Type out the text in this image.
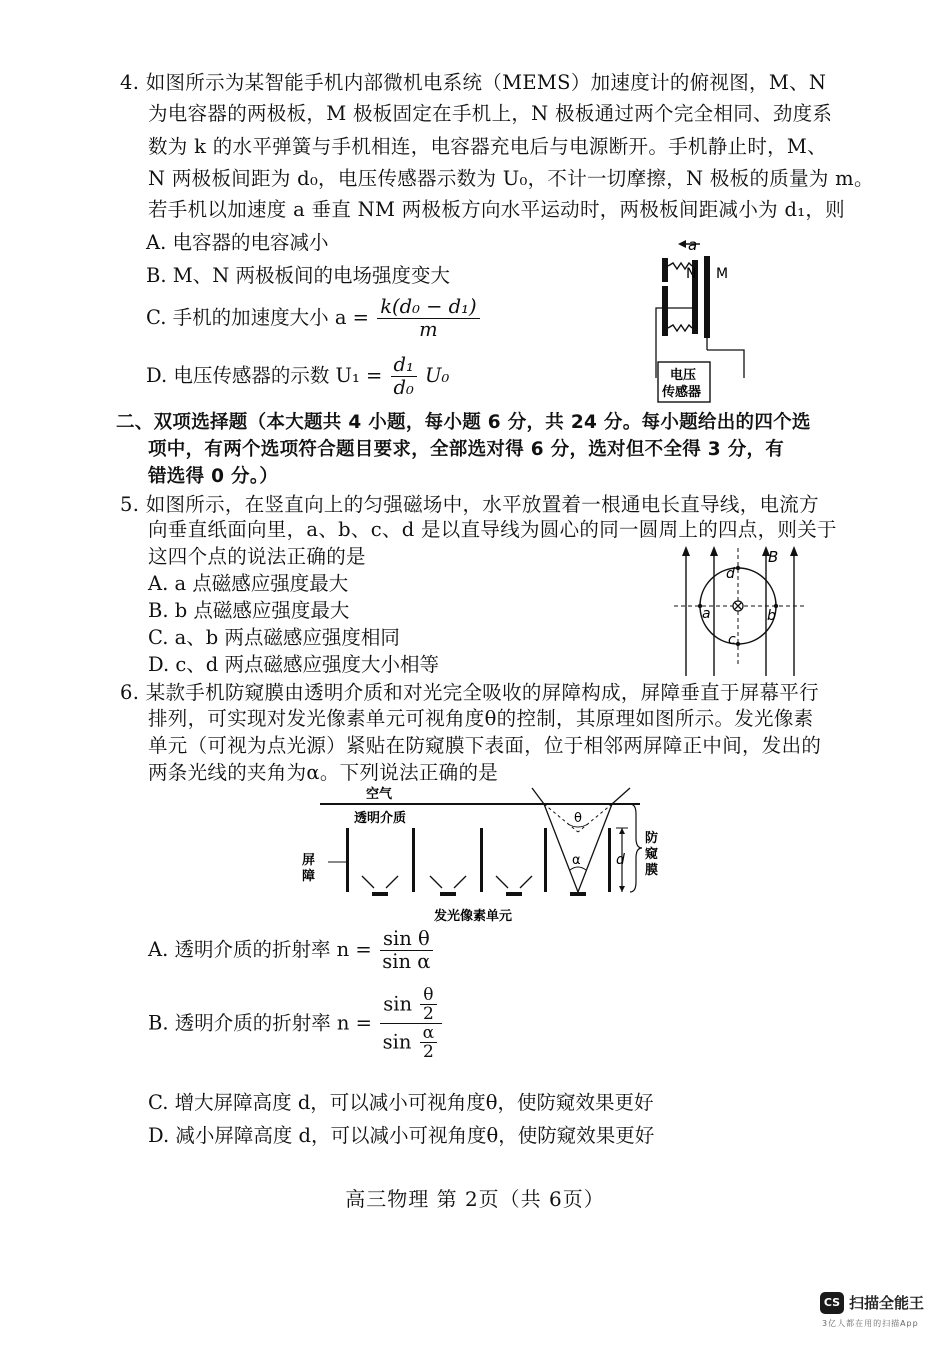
4. 如图所示为某智能手机内部微机电系统（MEMS）加速度计的俯视图，M、N
为电容器的两极板，M 极板固定在手机上，N 极板通过两个完全相同、劲度系
数为 k 的水平弹簧与手机相连，电容器充电后与电源断开。手机静止时，M、
N 两极板间距为 d₀，电压传感器示数为 U₀，不计一切摩擦，N 极板的质量为 m。
若手机以加速度 a 垂直 NM 两极板方向水平运动时，两极板间距减小为 d₁，则
A. 电容器的电容减小
B. M、N 两极板间的电场强度变大
C. 手机的加速度大小 $a = \frac{\text{k(d₀ − d₁)}}{m}$
D. 电压传感器的示数 $U_1 = \frac{\text{d₁}}{\text{d₀}} U_0$
a
N M
电压
传感器
二、双项选择题（本大题共 4 小题，每小题 6 分，共 24 分。每小题给出的四个选
项中，有两个选项符合题目要求，全部选对得 6 分，选对但不全得 3 分，有
错选得 0 分。）
5. 如图所示，在竖直向上的匀强磁场中，水平放置着一根通电长直导线，电流方
向垂直纸面向里，a、b、c、d 是以直导线为圆心的同一圆周上的四点，则关于
这四个点的说法正确的是
A. a 点磁感应强度最大
B. b 点磁感应强度最大
C. a、b 两点磁感应强度相同
D. c、d 两点磁感应强度大小相等
B
a	b
d
c
6. 某款手机防窥膜由透明介质和对光完全吸收的屏障构成，屏障垂直于屏幕平行
排列，可实现对发光像素单元可视角度θ的控制，其原理如图所示。发光像素
单元（可视为点光源）紧贴在防窥膜下表面，位于相邻两屏障正中间，发出的
两条光线的夹角为α。下列说法正确的是
空气
透明介质
屏
障
θ
α	d
防
窥
膜
发光像素单元
A. 透明介质的折射率 $n = \frac{\text{sin θ}}{\text{sin α}}$
B. 透明介质的折射率 $n = \frac{\sin \frac{\theta}{2}}{\sin \frac{\alpha}{2}}$
C. 增大屏障高度 d，可以减小可视角度θ，使防窥效果更好
D. 减小屏障高度 d，可以减小可视角度θ，使防窥效果更好
高三物理 第 2页（共 6页）
CS 扫描全能王
3亿人都在用的扫描App
